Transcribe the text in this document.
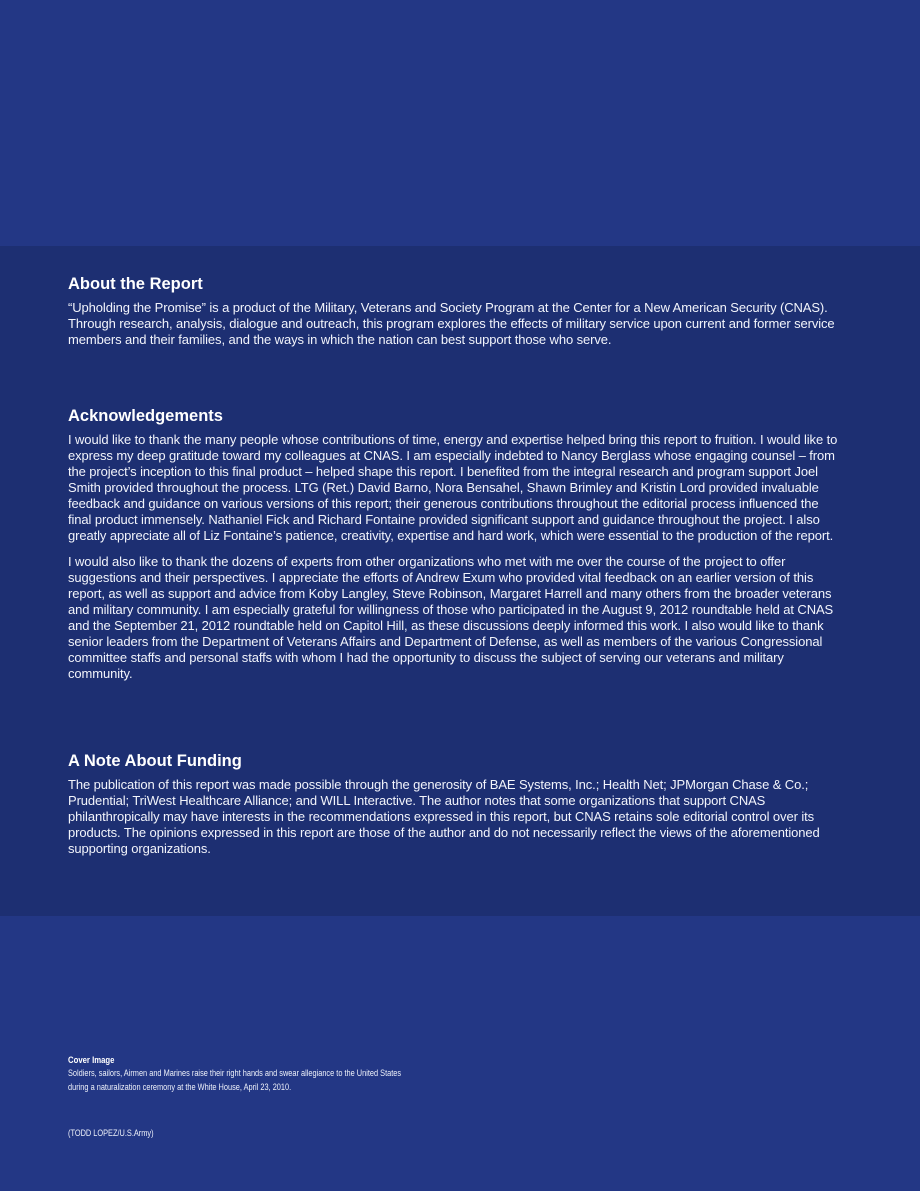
About the Report

“Upholding the Promise” is a product of the Military, Veterans and Society Program at the Center for a New American Security (CNAS). Through research, analysis, dialogue and outreach, this program explores the effects of military service upon current and former service members and their families, and the ways in which the nation can best support those who serve.

Acknowledgements

I would like to thank the many people whose contributions of time, energy and expertise helped bring this report to fruition. I would like to express my deep gratitude toward my colleagues at CNAS. I am especially indebted to Nancy Berglass whose engaging counsel – from the project’s inception to this final product – helped shape this report. I benefited from the integral research and program support Joel Smith provided throughout the process. LTG (Ret.) David Barno, Nora Bensahel, Shawn Brimley and Kristin Lord provided invaluable feedback and guidance on various versions of this report; their generous contributions throughout the editorial process influenced the final product immensely. Nathaniel Fick and Richard Fontaine provided significant support and guidance throughout the project. I also greatly appreciate all of Liz Fontaine’s patience, creativity, expertise and hard work, which were essential to the production of the report.

I would also like to thank the dozens of experts from other organizations who met with me over the course of the project to offer suggestions and their perspectives. I appreciate the efforts of Andrew Exum who provided vital feedback on an earlier version of this report, as well as support and advice from Koby Langley, Steve Robinson, Margaret Harrell and many others from the broader veterans and military community. I am especially grateful for willingness of those who participated in the August 9, 2012 roundtable held at CNAS and the September 21, 2012 roundtable held on Capitol Hill, as these discussions deeply informed this work. I also would like to thank senior leaders from the Department of Veterans Affairs and Department of Defense, as well as members of the various Congressional committee staffs and personal staffs with whom I had the opportunity to discuss the subject of serving our veterans and military community.

A Note About Funding

The publication of this report was made possible through the generosity of BAE Systems, Inc.; Health Net; JPMorgan Chase & Co.; Prudential; TriWest Healthcare Alliance; and WILL Interactive. The author notes that some organizations that support CNAS philanthropically may have interests in the recommendations expressed in this report, but CNAS retains sole editorial control over its products. The opinions expressed in this report are those of the author and do not necessarily reflect the views of the aforementioned supporting organizations.

Cover Image
Soldiers, sailors, Airmen and Marines raise their right hands and swear allegiance to the United States during a naturalization ceremony at the White House, April 23, 2010.
(TODD LOPEZ/U.S.Army)
